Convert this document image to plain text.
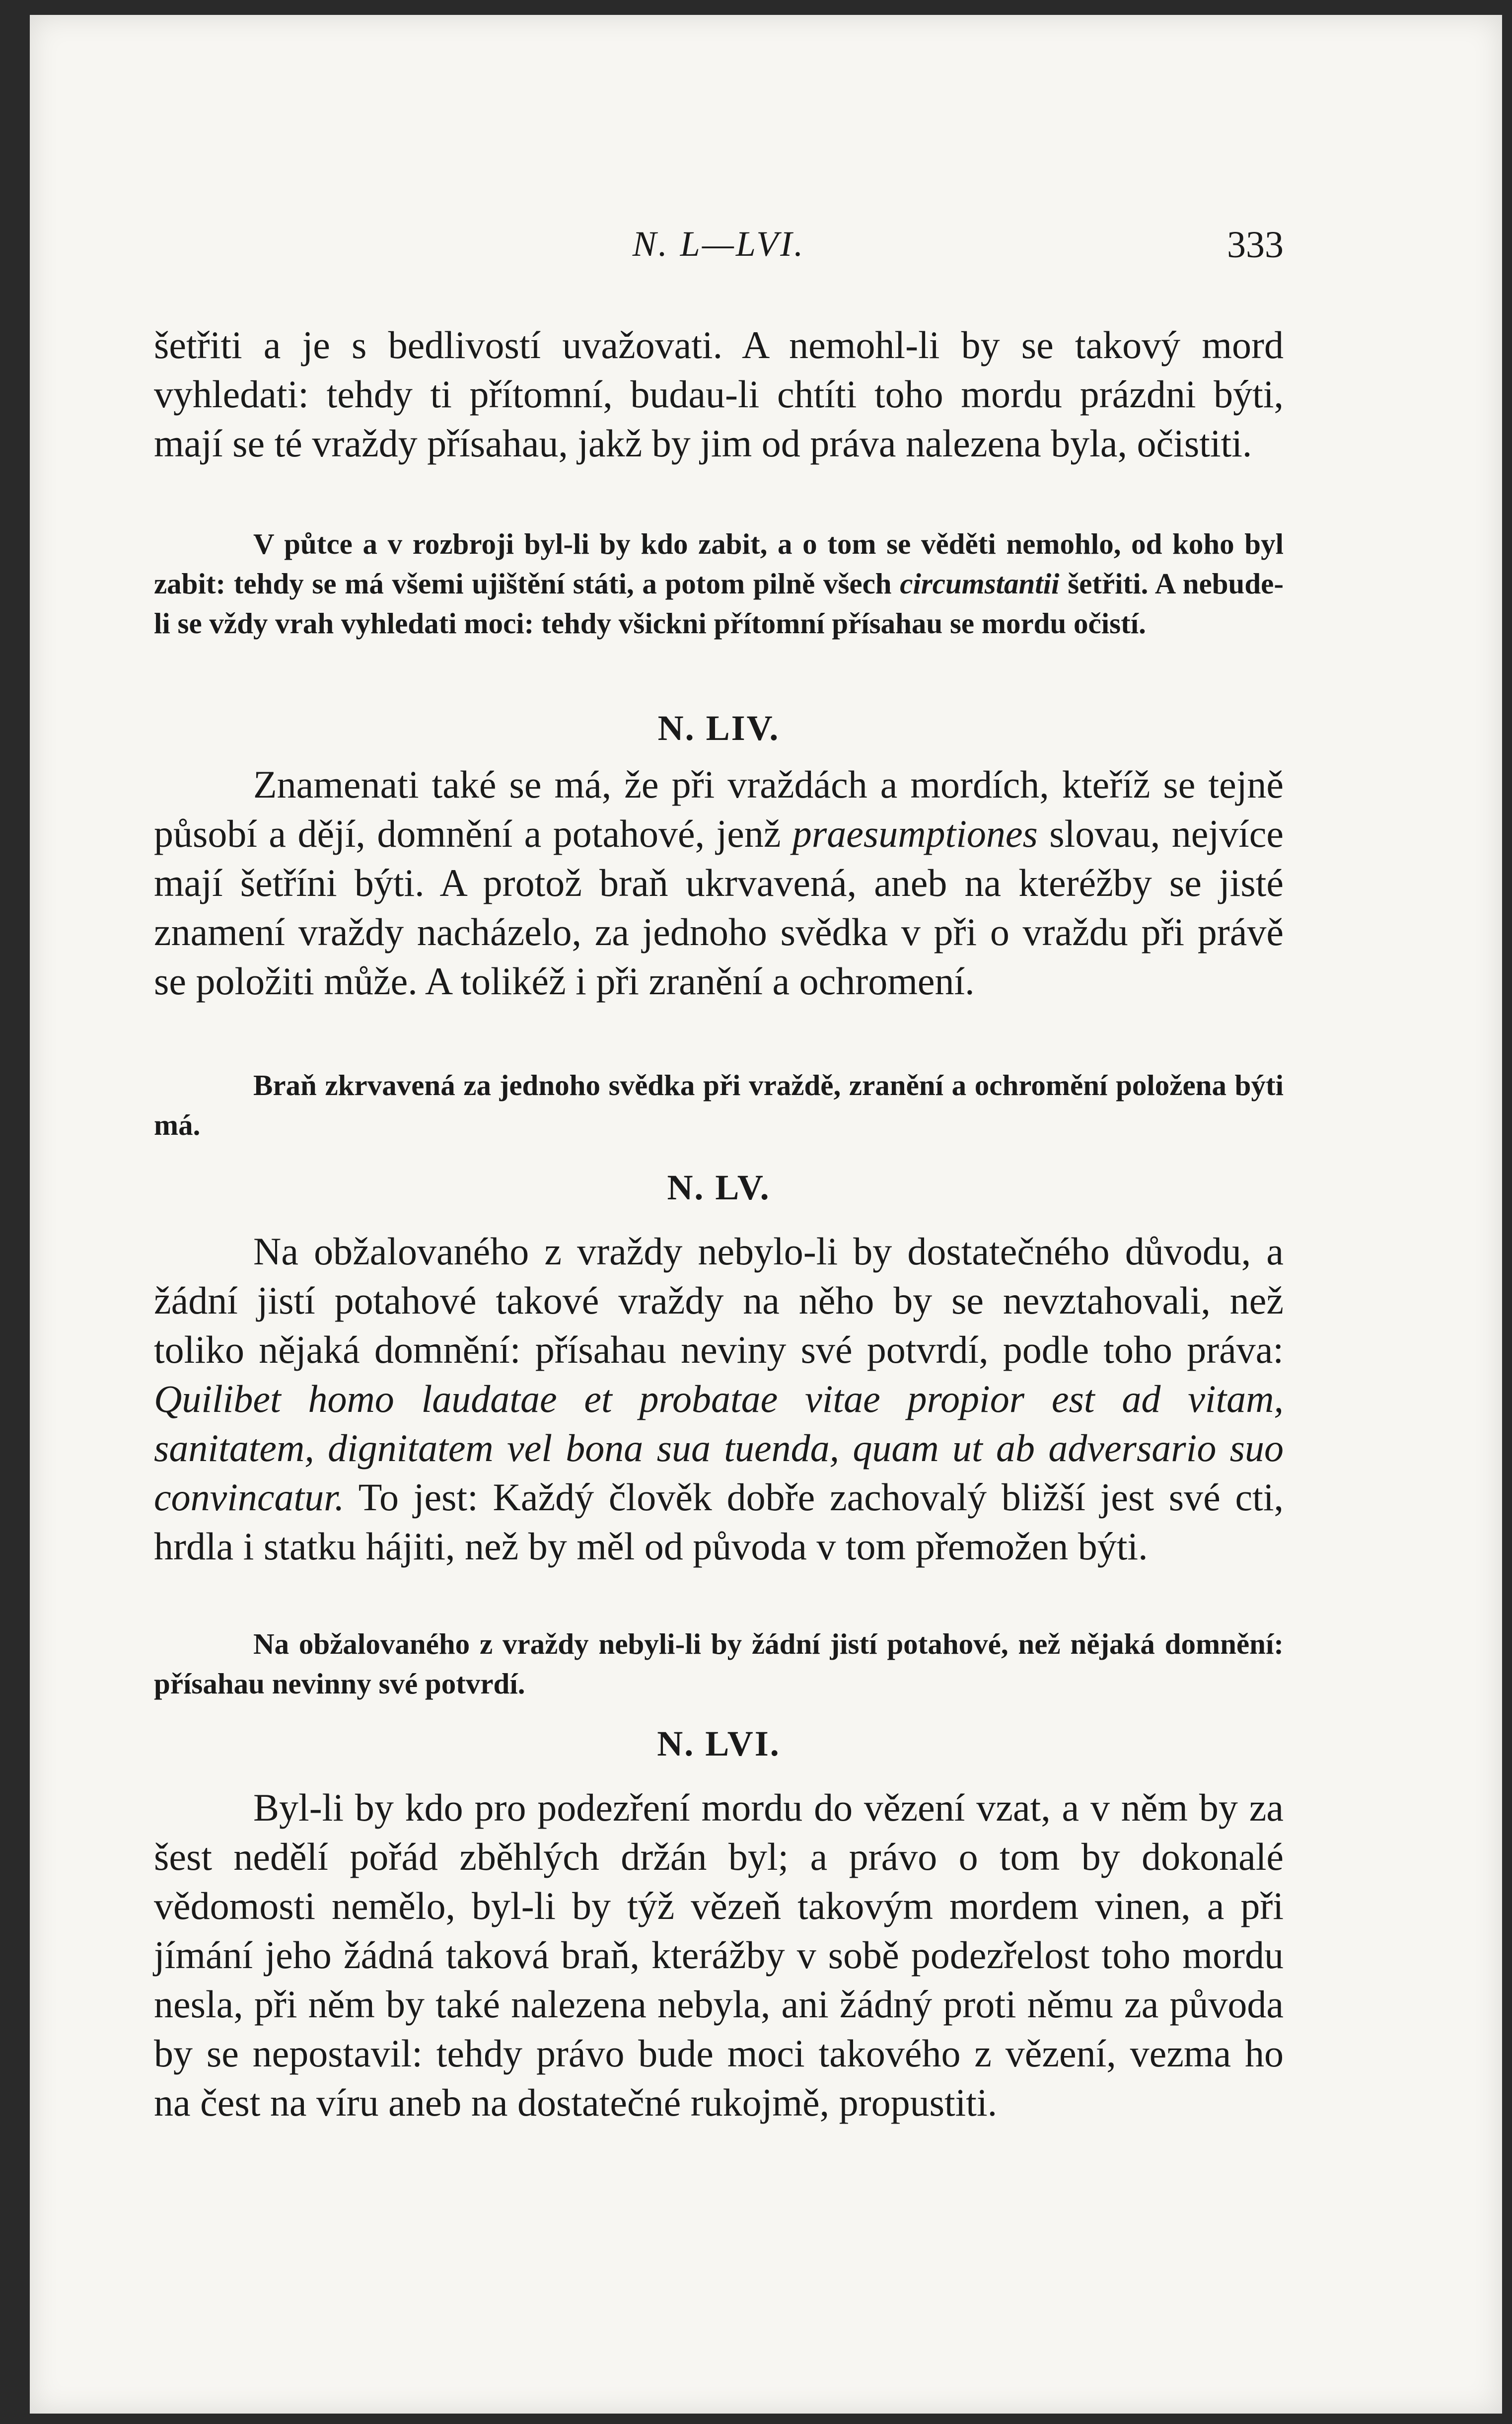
N. L—LVI.	333

šetřiti a je s bedlivostí uvažovati. A nemohl-li by se takový mord vyhledati: tehdy ti přítomní, budau-li chtíti toho mordu prázdni býti, mají se té vraždy přísahau, jakž by jim od práva nalezena byla, očistiti.

V půtce a v rozbroji byl-li by kdo zabit, a o tom se věděti nemohlo, od koho byl zabit: tehdy se má všemi ujištění státi, a potom pilně všech circumstantii šetřiti. A nebude-li se vždy vrah vyhledati moci: tehdy všickni přítomní přísahau se mordu očistí.

N. LIV.

Znamenati také se má, že při vraždách a mordích, kteříž se tejně působí a dějí, domnění a potahové, jenž praesumptiones slovau, nejvíce mají šetříni býti. A protož braň ukrvavená, aneb na kteréžby se jisté znamení vraždy nacházelo, za jednoho svědka v při o vraždu při právě se položiti může. A tolikéž i při zranění a ochromení.

Braň zkrvavená za jednoho svědka při vraždě, zranění a ochromění položena býti má.

N. LV.

Na obžalovaného z vraždy nebylo-li by dostatečného důvodu, a žádní jistí potahové takové vraždy na něho by se nevztahovali, než toliko nějaká domnění: přísahau neviny své potvrdí, podle toho práva: Quilibet homo laudatae et probatae vitae propior est ad vitam, sanitatem, dignitatem vel bona sua tuenda, quam ut ab adversario suo convincatur. To jest: Každý člověk dobře zachovalý bližší jest své cti, hrdla i statku hájiti, než by měl od původa v tom přemožen býti.

Na obžalovaného z vraždy nebyli-li by žádní jistí potahové, než nějaká domnění: přísahau nevinny své potvrdí.

N. LVI.

Byl-li by kdo pro podezření mordu do vězení vzat, a v něm by za šest nedělí pořád zběhlých držán byl; a právo o tom by dokonalé vědomosti nemělo, byl-li by týž vězeň takovým mordem vinen, a při jímání jeho žádná taková braň, kterážby v sobě podezřelost toho mordu nesla, při něm by také nalezena nebyla, ani žádný proti němu za původa by se nepostavil: tehdy právo bude moci takového z vězení, vezma ho na čest na víru aneb na dostatečné rukojmě, propustiti.
